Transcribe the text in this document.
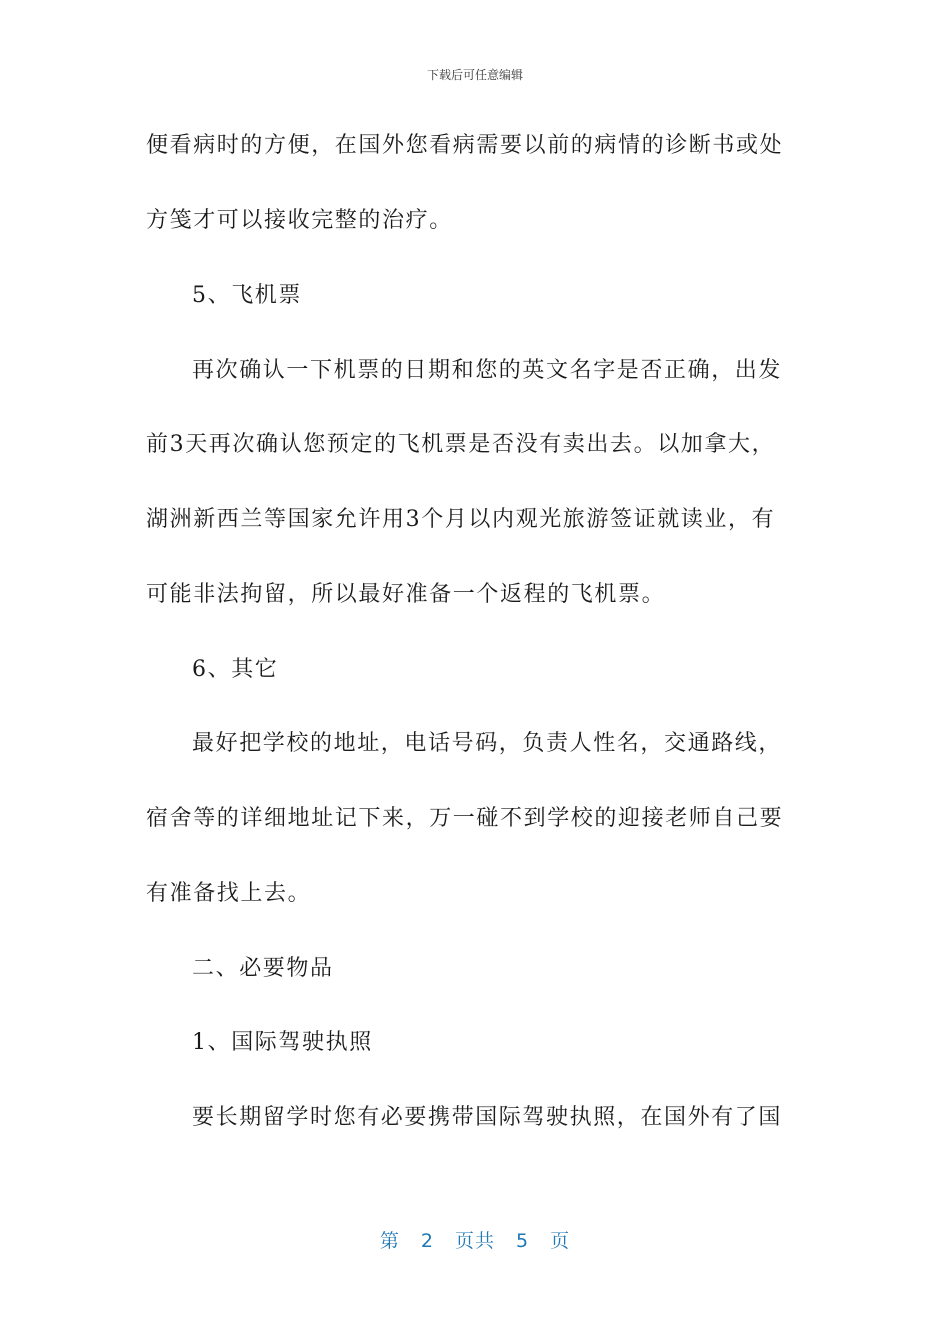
下载后可任意编辑
便看病时的方便，在国外您看病需要以前的病情的诊断书或处
方笺才可以接收完整的治疗。
5、飞机票
再次确认一下机票的日期和您的英文名字是否正确，出发
前3天再次确认您预定的飞机票是否没有卖出去。以加拿大，
湖洲新西兰等国家允许用3个月以内观光旅游签证就读业，有
可能非法拘留，所以最好准备一个返程的飞机票。
6、其它
最好把学校的地址，电话号码，负责人性名，交通路线，
宿舍等的详细地址记下来，万一碰不到学校的迎接老师自己要
有准备找上去。
二、必要物品
1、国际驾驶执照
要长期留学时您有必要携带国际驾驶执照，在国外有了国
第 2 页共 5 页
